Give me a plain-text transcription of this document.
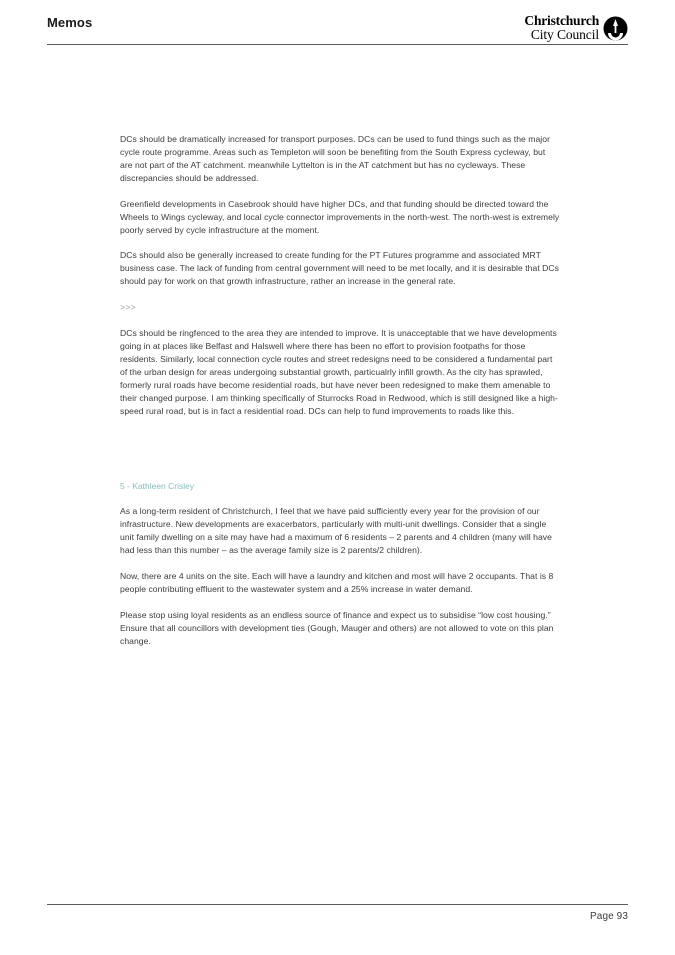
Memos	Christchurch
City Council

DCs should be dramatically increased for transport purposes. DCs can be used to fund things such as the major cycle route programme. Areas such as Templeton will soon be benefiting from the South Express cycleway, but are not part of the AT catchment. meanwhile Lyttelton is in the AT catchment but has no cycleways. These discrepancies should be addressed.

Greenfield developments in Casebrook should have higher DCs, and that funding should be directed toward the Wheels to Wings cycleway, and local cycle connector improvements in the north-west. The north-west is extremely poorly served by cycle infrastructure at the moment.

DCs should also be generally increased to create funding for the PT Futures programme and associated MRT business case. The lack of funding from central government will need to be met locally, and it is desirable that DCs should pay for work on that growth infrastructure, rather an increase in the general rate.

>>>

DCs should be ringfenced to the area they are intended to improve. It is unacceptable that we have developments going in at places like Belfast and Halswell where there has been no effort to provision footpaths for those residents. Similarly, local connection cycle routes and street redesigns need to be considered a fundamental part of the urban design for areas undergoing substantial growth, particualrly infill growth. As the city has sprawled, formerly rural roads have become residential roads, but have never been redesigned to make them amenable to their changed purpose. I am thinking specifically of Sturrocks Road in Redwood, which is still designed like a high-speed rural road, but is in fact a residential road. DCs can help to fund improvements to roads like this.

5 - Kathleen Crisley

As a long-term resident of Christchurch, I feel that we have paid sufficiently every year for the provision of our infrastructure. New developments are exacerbators, particularly with multi-unit dwellings. Consider that a single unit family dwelling on a site may have had a maximum of 6 residents – 2 parents and 4 children (many will have had less than this number – as the average family size is 2 parents/2 children).

Now, there are 4 units on the site. Each will have a laundry and kitchen and most will have 2 occupants. That is 8 people contributing effluent to the wastewater system and a 25% increase in water demand.

Please stop using loyal residents as an endless source of finance and expect us to subsidise “low cost housing.” Ensure that all councillors with development ties (Gough, Mauger and others) are not allowed to vote on this plan change.

Page 93
